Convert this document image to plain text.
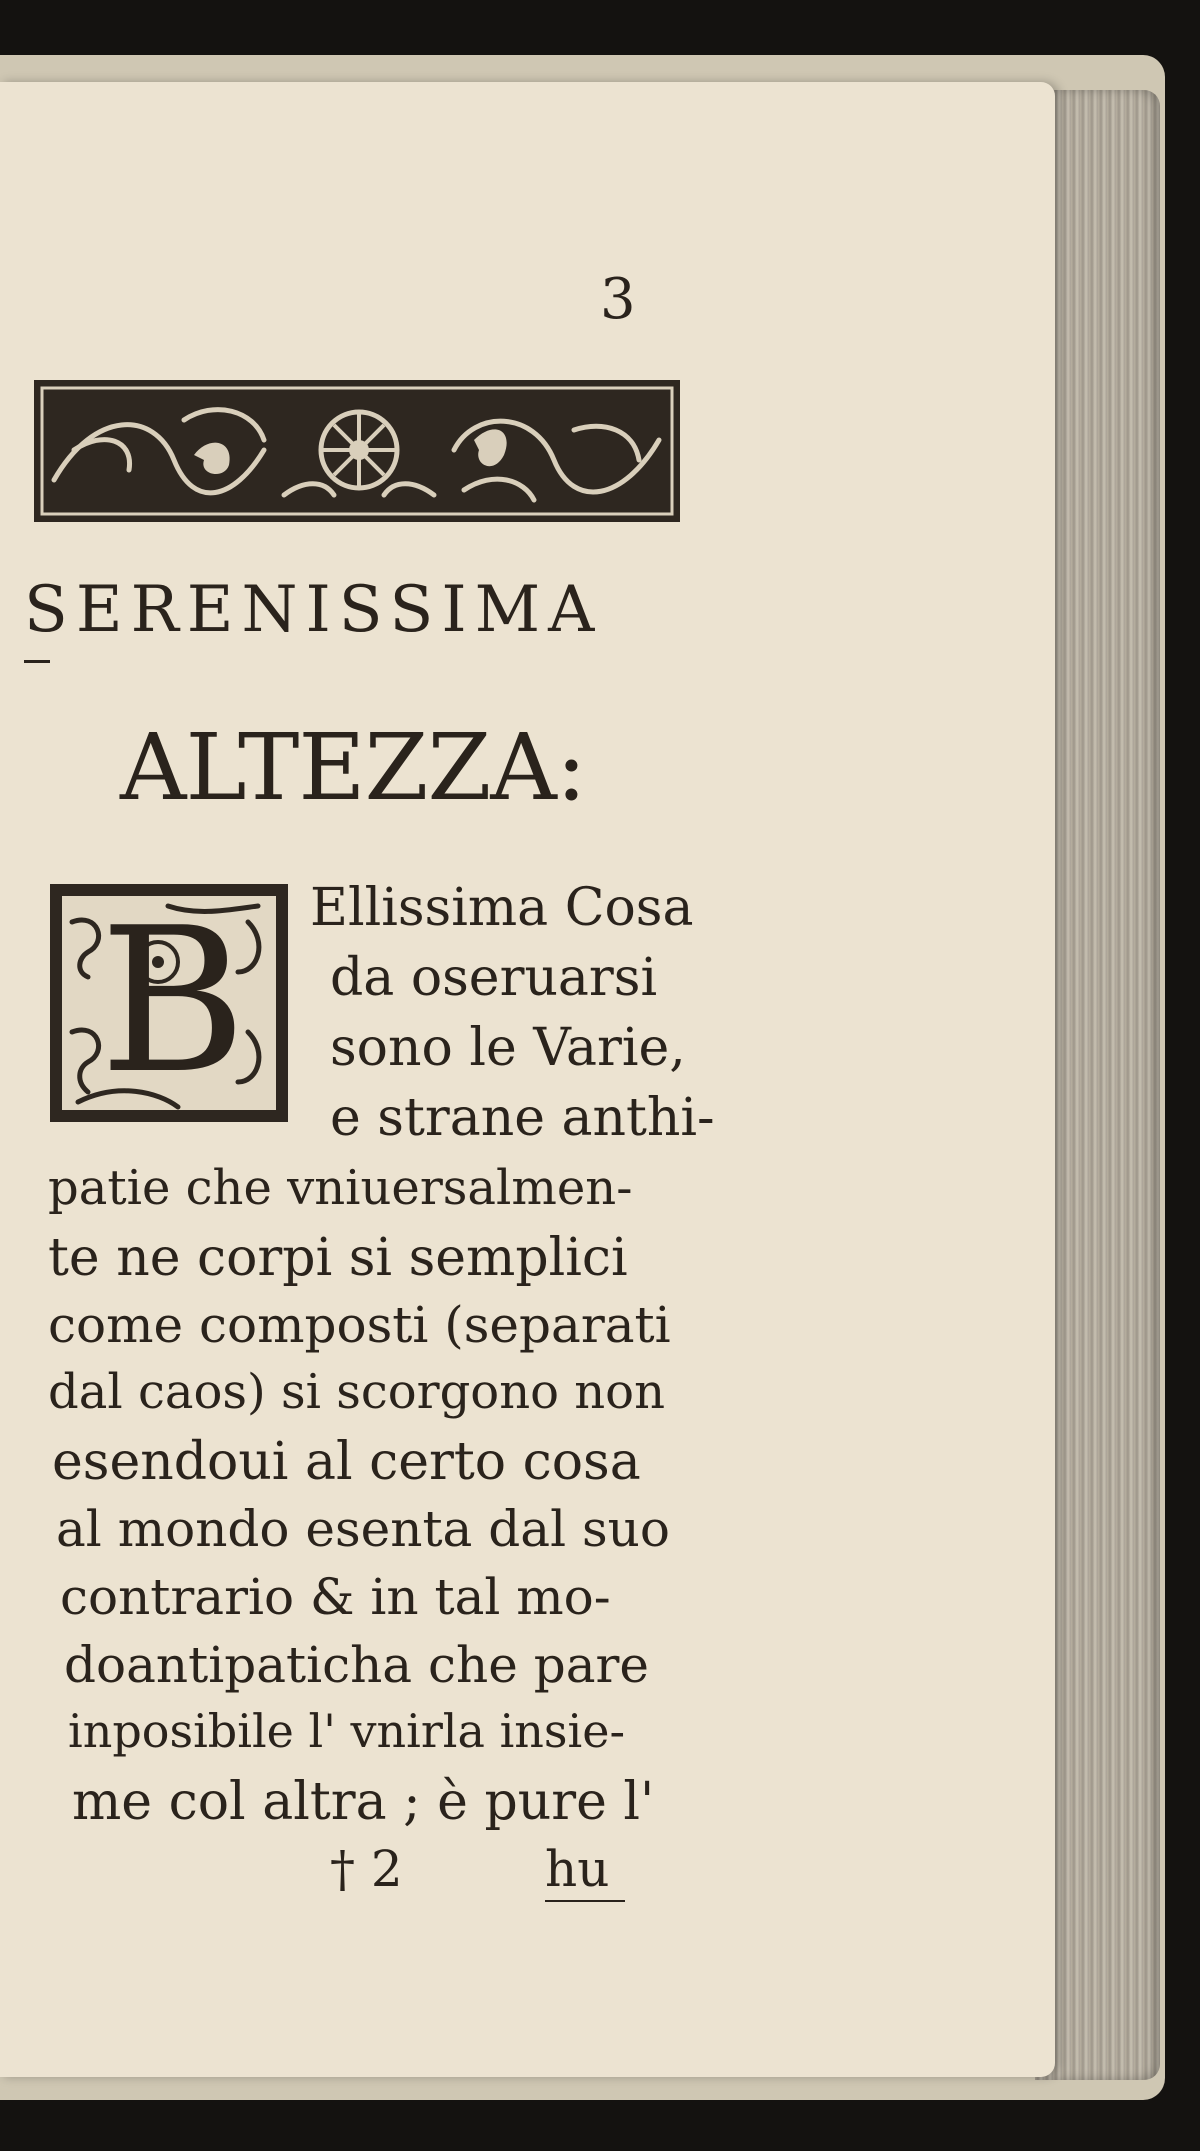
3
SERENISSIMA
ALTEZZA:
B Ellissima Cosa
da oseruarsi
sono le Varie,
e strane anthi-
patie che vniuersalmen-
te ne corpi si semplici
come composti (separati
dal caos) si scorgono non
esendoui al certo cosa
al mondo esenta dal suo
contrario & in tal mo-
doantipaticha che pare
inposibile l' vnirla insie-
me col altra ; è pure l'
† 2	hu
